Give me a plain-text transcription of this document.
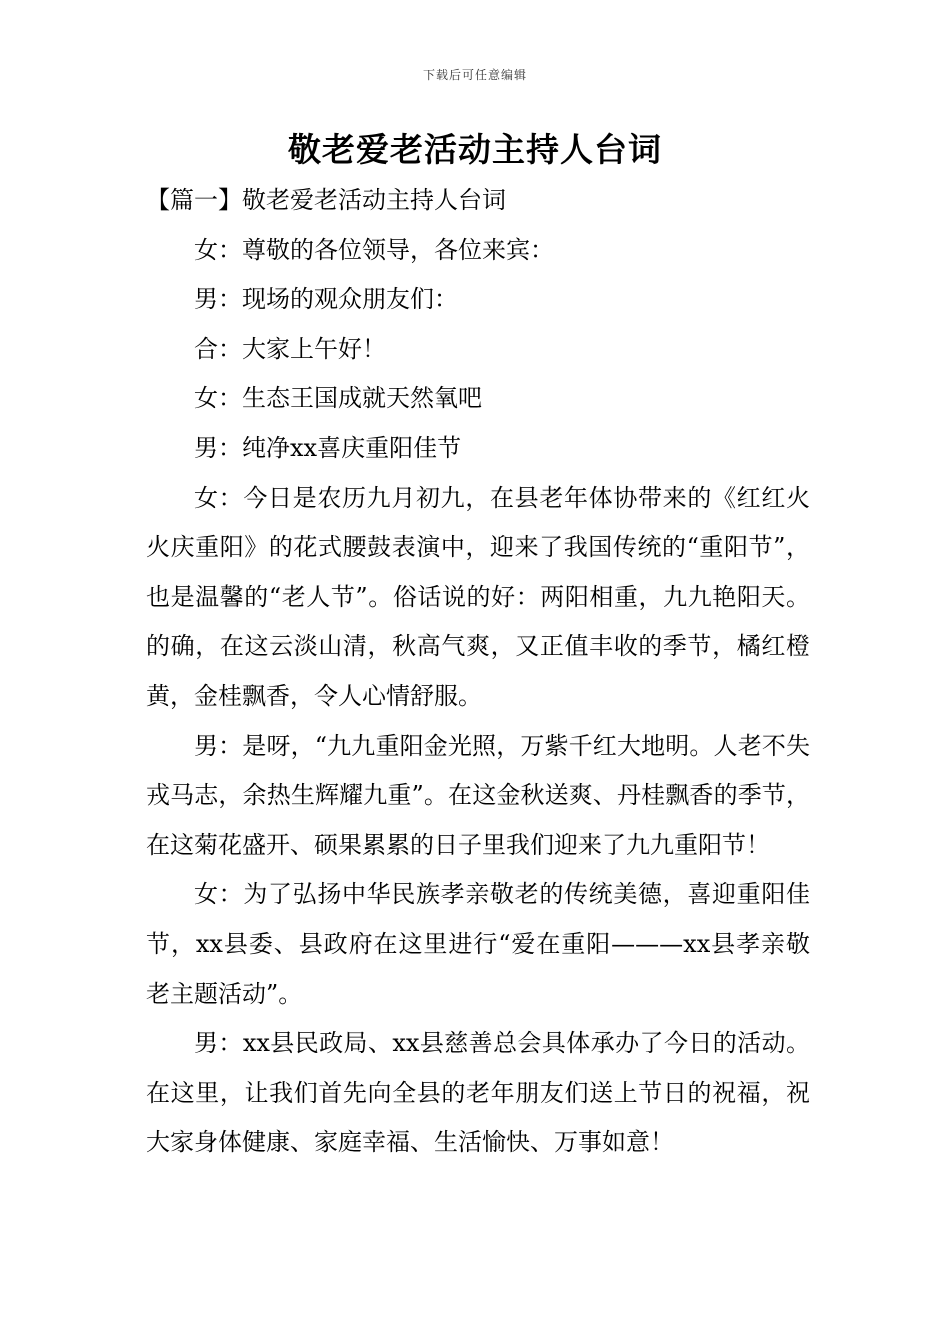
下载后可任意编辑
敬老爱老活动主持人台词

【篇一】敬老爱老活动主持人台词

女：尊敬的各位领导，各位来宾：

男：现场的观众朋友们：

合：大家上午好！

女：生态王国成就天然氧吧

男：纯净xx喜庆重阳佳节

女：今日是农历九月初九，在县老年体协带来的《红红火火庆重阳》的花式腰鼓表演中，迎来了我国传统的“重阳节”，也是温馨的“老人节”。俗话说的好：两阳相重，九九艳阳天。的确，在这云淡山清，秋高气爽，又正值丰收的季节，橘红橙黄，金桂飘香，令人心情舒服。

男：是呀，“九九重阳金光照，万紫千红大地明。人老不失戎马志，余热生辉耀九重”。在这金秋送爽、丹桂飘香的季节，在这菊花盛开、硕果累累的日子里我们迎来了九九重阳节！

女：为了弘扬中华民族孝亲敬老的传统美德，喜迎重阳佳节，xx县委、县政府在这里进行“爱在重阳———xx县孝亲敬老主题活动”。

男：xx县民政局、xx县慈善总会具体承办了今日的活动。在这里，让我们首先向全县的老年朋友们送上节日的祝福，祝大家身体健康、家庭幸福、生活愉快、万事如意！
